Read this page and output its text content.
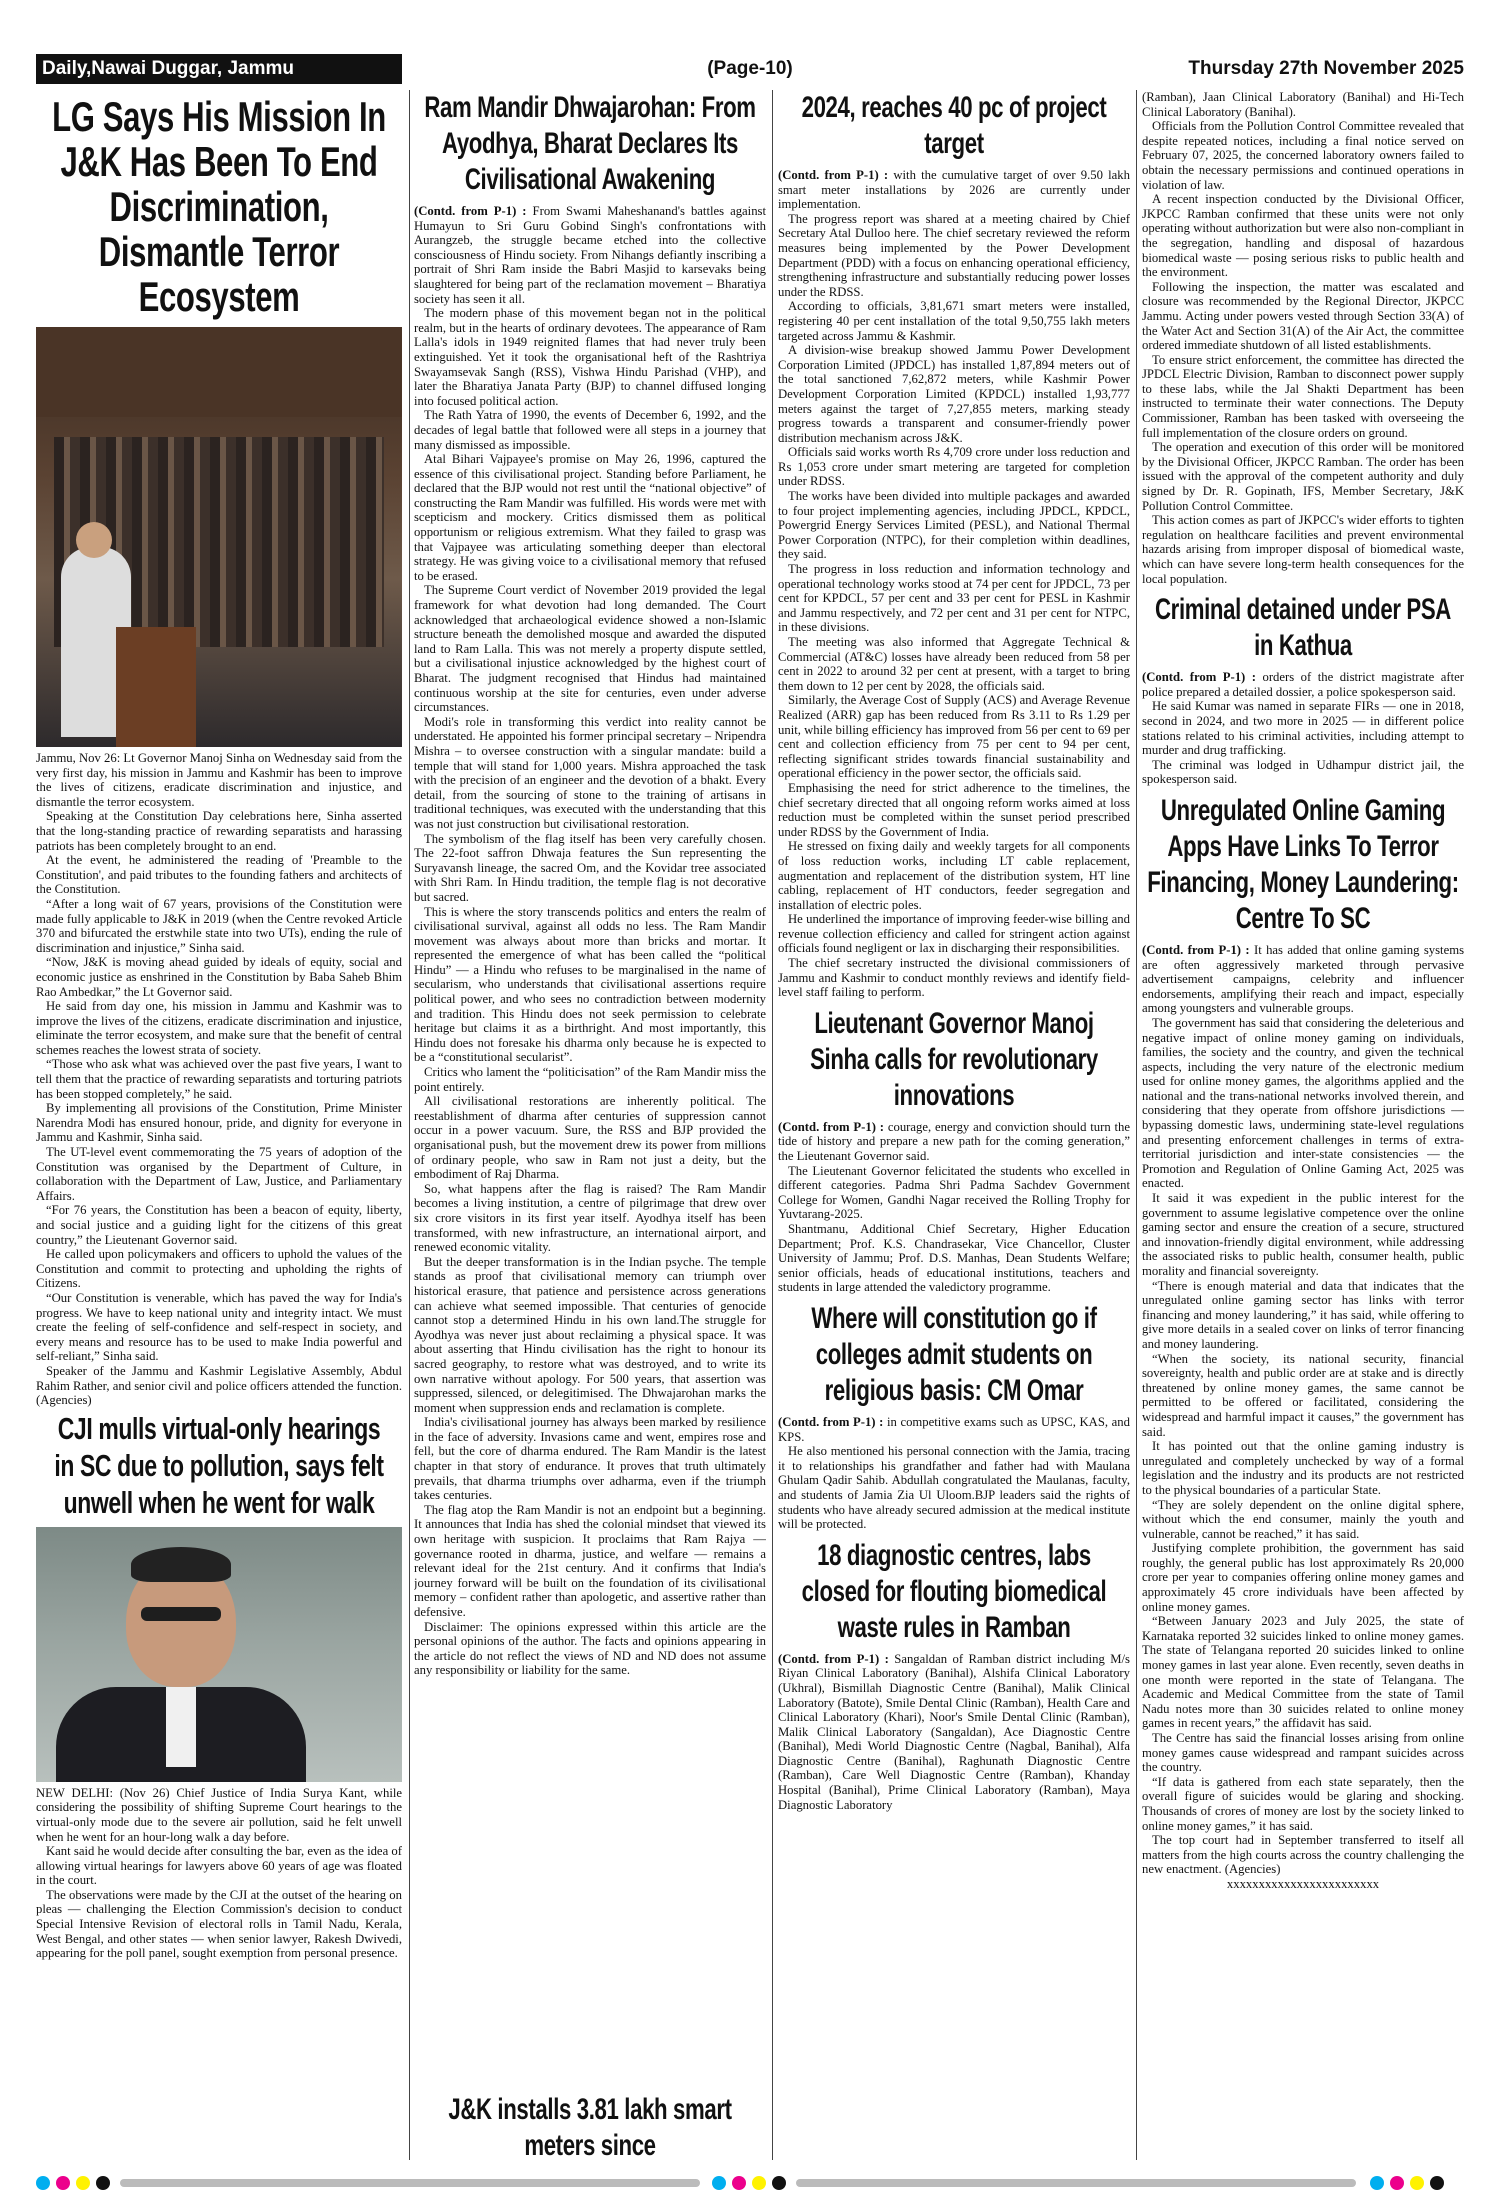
Daily,Nawai Duggar, Jammu	(Page-10)	Thursday 27th November 2025
LG Says His Mission In J&K Has Been To End Discrimination, Dismantle Terror Ecosystem

Jammu, Nov 26: Lt Governor Manoj Sinha on Wednesday said from the very first day, his mission in Jammu and Kashmir has been to improve the lives of citizens, eradicate discrimination and injustice, and dismantle the terror ecosystem.

Speaking at the Constitution Day celebrations here, Sinha asserted that the long-standing practice of rewarding separatists and harassing patriots has been completely brought to an end.

At the event, he administered the reading of 'Preamble to the Constitution', and paid tributes to the founding fathers and architects of the Constitution.

“After a long wait of 67 years, provisions of the Constitution were made fully applicable to J&K in 2019 (when the Centre revoked Article 370 and bifurcated the erstwhile state into two UTs), ending the rule of discrimination and injustice,” Sinha said.

“Now, J&K is moving ahead guided by ideals of equity, social and economic justice as enshrined in the Constitution by Baba Saheb Bhim Rao Ambedkar,” the Lt Governor said.

He said from day one, his mission in Jammu and Kashmir was to improve the lives of the citizens, eradicate discrimination and injustice, eliminate the terror ecosystem, and make sure that the benefit of central schemes reaches the lowest strata of society.

“Those who ask what was achieved over the past five years, I want to tell them that the practice of rewarding separatists and torturing patriots has been stopped completely,” he said.

By implementing all provisions of the Constitution, Prime Minister Narendra Modi has ensured honour, pride, and dignity for everyone in Jammu and Kashmir, Sinha said.

The UT-level event commemorating the 75 years of adoption of the Constitution was organised by the Department of Culture, in collaboration with the Department of Law, Justice, and Parliamentary Affairs.

“For 76 years, the Constitution has been a beacon of equity, liberty, and social justice and a guiding light for the citizens of this great country,” the Lieutenant Governor said.

He called upon policymakers and officers to uphold the values of the Constitution and commit to protecting and upholding the rights of Citizens.

“Our Constitution is venerable, which has paved the way for India's progress. We have to keep national unity and integrity intact. We must create the feeling of self-confidence and self-respect in society, and every means and resource has to be used to make India powerful and self-reliant,” Sinha said.

Speaker of the Jammu and Kashmir Legislative Assembly, Abdul Rahim Rather, and senior civil and police officers attended the function. (Agencies)

CJI mulls virtual-only hearings in SC due to pollution, says felt unwell when he went for walk

NEW DELHI: (Nov 26) Chief Justice of India Surya Kant, while considering the possibility of shifting Supreme Court hearings to the virtual-only mode due to the severe air pollution, said he felt unwell when he went for an hour-long walk a day before.

Kant said he would decide after consulting the bar, even as the idea of allowing virtual hearings for lawyers above 60 years of age was floated in the court.

The observations were made by the CJI at the outset of the hearing on pleas — challenging the Election Commission's decision to conduct Special Intensive Revision of electoral rolls in Tamil Nadu, Kerala, West Bengal, and other states — when senior lawyer, Rakesh Dwivedi, appearing for the poll panel, sought exemption from personal presence.

Ram Mandir Dhwajarohan: From Ayodhya, Bharat Declares Its Civilisational Awakening

(Contd. from P-1) : From Swami Maheshanand's battles against Humayun to Sri Guru Gobind Singh's confrontations with Aurangzeb, the struggle became etched into the collective consciousness of Hindu society. From Nihangs defiantly inscribing a portrait of Shri Ram inside the Babri Masjid to karsevaks being slaughtered for being part of the reclamation movement – Bharatiya society has seen it all.

The modern phase of this movement began not in the political realm, but in the hearts of ordinary devotees. The appearance of Ram Lalla's idols in 1949 reignited flames that had never truly been extinguished. Yet it took the organisational heft of the Rashtriya Swayamsevak Sangh (RSS), Vishwa Hindu Parishad (VHP), and later the Bharatiya Janata Party (BJP) to channel diffused longing into focused political action.

The Rath Yatra of 1990, the events of December 6, 1992, and the decades of legal battle that followed were all steps in a journey that many dismissed as impossible.

Atal Bihari Vajpayee's promise on May 26, 1996, captured the essence of this civilisational project. Standing before Parliament, he declared that the BJP would not rest until the “national objective” of constructing the Ram Mandir was fulfilled. His words were met with scepticism and mockery. Critics dismissed them as political opportunism or religious extremism. What they failed to grasp was that Vajpayee was articulating something deeper than electoral strategy. He was giving voice to a civilisational memory that refused to be erased.

The Supreme Court verdict of November 2019 provided the legal framework for what devotion had long demanded. The Court acknowledged that archaeological evidence showed a non-Islamic structure beneath the demolished mosque and awarded the disputed land to Ram Lalla. This was not merely a property dispute settled, but a civilisational injustice acknowledged by the highest court of Bharat. The judgment recognised that Hindus had maintained continuous worship at the site for centuries, even under adverse circumstances.

Modi's role in transforming this verdict into reality cannot be understated. He appointed his former principal secretary – Nripendra Mishra – to oversee construction with a singular mandate: build a temple that will stand for 1,000 years. Mishra approached the task with the precision of an engineer and the devotion of a bhakt. Every detail, from the sourcing of stone to the training of artisans in traditional techniques, was executed with the understanding that this was not just construction but civilisational restoration.

The symbolism of the flag itself has been very carefully chosen. The 22-foot saffron Dhwaja features the Sun representing the Suryavansh lineage, the sacred Om, and the Kovidar tree associated with Shri Ram. In Hindu tradition, the temple flag is not decorative but sacred.

This is where the story transcends politics and enters the realm of civilisational survival, against all odds no less. The Ram Mandir movement was always about more than bricks and mortar. It represented the emergence of what has been called the “political Hindu” — a Hindu who refuses to be marginalised in the name of secularism, who understands that civilisational assertions require political power, and who sees no contradiction between modernity and tradition. This Hindu does not seek permission to celebrate heritage but claims it as a birthright. And most importantly, this Hindu does not foresake his dharma only because he is expected to be a “constitutional secularist”.

Critics who lament the “politicisation” of the Ram Mandir miss the point entirely.

All civilisational restorations are inherently political. The reestablishment of dharma after centuries of suppression cannot occur in a power vacuum. Sure, the RSS and BJP provided the organisational push, but the movement drew its power from millions of ordinary people, who saw in Ram not just a deity, but the embodiment of Raj Dharma.

So, what happens after the flag is raised? The Ram Mandir becomes a living institution, a centre of pilgrimage that drew over six crore visitors in its first year itself. Ayodhya itself has been transformed, with new infrastructure, an international airport, and renewed economic vitality.

But the deeper transformation is in the Indian psyche. The temple stands as proof that civilisational memory can triumph over historical erasure, that patience and persistence across generations can achieve what seemed impossible. That centuries of genocide cannot stop a determined Hindu in his own land.The struggle for Ayodhya was never just about reclaiming a physical space. It was about asserting that Hindu civilisation has the right to honour its sacred geography, to restore what was destroyed, and to write its own narrative without apology. For 500 years, that assertion was suppressed, silenced, or delegitimised. The Dhwajarohan marks the moment when suppression ends and reclamation is complete.

India's civilisational journey has always been marked by resilience in the face of adversity. Invasions came and went, empires rose and fell, but the core of dharma endured. The Ram Mandir is the latest chapter in that story of endurance. It proves that truth ultimately prevails, that dharma triumphs over adharma, even if the triumph takes centuries.

The flag atop the Ram Mandir is not an endpoint but a beginning. It announces that India has shed the colonial mindset that viewed its own heritage with suspicion. It proclaims that Ram Rajya —governance rooted in dharma, justice, and welfare — remains a relevant ideal for the 21st century. And it confirms that India's journey forward will be built on the foundation of its civilisational memory – confident rather than apologetic, and assertive rather than defensive.

Disclaimer: The opinions expressed within this article are the personal opinions of the author. The facts and opinions appearing in the article do not reflect the views of ND and ND does not assume any responsibility or liability for the same.

J&K installs 3.81 lakh smart meters since
2024, reaches 40 pc of project target

(Contd. from P-1) : with the cumulative target of over 9.50 lakh smart meter installations by 2026 are currently under implementation.

The progress report was shared at a meeting chaired by Chief Secretary Atal Dulloo here. The chief secretary reviewed the reform measures being implemented by the Power Development Department (PDD) with a focus on enhancing operational efficiency, strengthening infrastructure and substantially reducing power losses under the RDSS.

According to officials, 3,81,671 smart meters were installed, registering 40 per cent installation of the total 9,50,755 lakh meters targeted across Jammu & Kashmir.

A division-wise breakup showed Jammu Power Development Corporation Limited (JPDCL) has installed 1,87,894 meters out of the total sanctioned 7,62,872 meters, while Kashmir Power Development Corporation Limited (KPDCL) installed 1,93,777 meters against the target of 7,27,855 meters, marking steady progress towards a transparent and consumer-friendly power distribution mechanism across J&K.

Officials said works worth Rs 4,709 crore under loss reduction and Rs 1,053 crore under smart metering are targeted for completion under RDSS.

The works have been divided into multiple packages and awarded to four project implementing agencies, including JPDCL, KPDCL, Powergrid Energy Services Limited (PESL), and National Thermal Power Corporation (NTPC), for their completion within deadlines, they said.

The progress in loss reduction and information technology and operational technology works stood at 74 per cent for JPDCL, 73 per cent for KPDCL, 57 per cent and 33 per cent for PESL in Kashmir and Jammu respectively, and 72 per cent and 31 per cent for NTPC, in these divisions.

The meeting was also informed that Aggregate Technical & Commercial (AT&C) losses have already been reduced from 58 per cent in 2022 to around 32 per cent at present, with a target to bring them down to 12 per cent by 2028, the officials said.

Similarly, the Average Cost of Supply (ACS) and Average Revenue Realized (ARR) gap has been reduced from Rs 3.11 to Rs 1.29 per unit, while billing efficiency has improved from 56 per cent to 69 per cent and collection efficiency from 75 per cent to 94 per cent, reflecting significant strides towards financial sustainability and operational efficiency in the power sector, the officials said.

Emphasising the need for strict adherence to the timelines, the chief secretary directed that all ongoing reform works aimed at loss reduction must be completed within the sunset period prescribed under RDSS by the Government of India.

He stressed on fixing daily and weekly targets for all components of loss reduction works, including LT cable replacement, augmentation and replacement of the distribution system, HT line cabling, replacement of HT conductors, feeder segregation and installation of electric poles.

He underlined the importance of improving feeder-wise billing and revenue collection efficiency and called for stringent action against officials found negligent or lax in discharging their responsibilities.

The chief secretary instructed the divisional commissioners of Jammu and Kashmir to conduct monthly reviews and identify field-level staff failing to perform.

Lieutenant Governor Manoj Sinha calls for revolutionary innovations

(Contd. from P-1) : courage, energy and conviction should turn the tide of history and prepare a new path for the coming generation,” the Lieutenant Governor said.

The Lieutenant Governor felicitated the students who excelled in different categories. Padma Shri Padma Sachdev Government College for Women, Gandhi Nagar received the Rolling Trophy for Yuvtarang-2025.

Shantmanu, Additional Chief Secretary, Higher Education Department; Prof. K.S. Chandrasekar, Vice Chancellor, Cluster University of Jammu; Prof. D.S. Manhas, Dean Students Welfare; senior officials, heads of educational institutions, teachers and students in large attended the valedictory programme.

Where will constitution go if colleges admit students on religious basis: CM Omar

(Contd. from P-1) : in competitive exams such as UPSC, KAS, and KPS.

He also mentioned his personal connection with the Jamia, tracing it to relationships his grandfather and father had with Maulana Ghulam Qadir Sahib. Abdullah congratulated the Maulanas, faculty, and students of Jamia Zia Ul Uloom.BJP leaders said the rights of students who have already secured admission at the medical institute will be protected.

18 diagnostic centres, labs closed for flouting biomedical waste rules in Ramban

(Contd. from P-1) : Sangaldan of Ramban district including M/s Riyan Clinical Laboratory (Banihal), Alshifa Clinical Laboratory (Ukhral), Bismillah Diagnostic Centre (Banihal), Malik Clinical Laboratory (Batote), Smile Dental Clinic (Ramban), Health Care and Clinical Laboratory (Khari), Noor's Smile Dental Clinic (Ramban), Malik Clinical Laboratory (Sangaldan), Ace Diagnostic Centre (Banihal), Medi World Diagnostic Centre (Nagbal, Banihal), Alfa Diagnostic Centre (Banihal), Raghunath Diagnostic Centre (Ramban), Care Well Diagnostic Centre (Ramban), Khanday Hospital (Banihal), Prime Clinical Laboratory (Ramban), Maya Diagnostic Laboratory

(Ramban), Jaan Clinical Laboratory (Banihal) and Hi-Tech Clinical Laboratory (Banihal).

Officials from the Pollution Control Committee revealed that despite repeated notices, including a final notice served on February 07, 2025, the concerned laboratory owners failed to obtain the necessary permissions and continued operations in violation of law.

A recent inspection conducted by the Divisional Officer, JKPCC Ramban confirmed that these units were not only operating without authorization but were also non-compliant in the segregation, handling and disposal of hazardous biomedical waste — posing serious risks to public health and the environment.

Following the inspection, the matter was escalated and closure was recommended by the Regional Director, JKPCC Jammu. Acting under powers vested through Section 33(A) of the Water Act and Section 31(A) of the Air Act, the committee ordered immediate shutdown of all listed establishments.

To ensure strict enforcement, the committee has directed the JPDCL Electric Division, Ramban to disconnect power supply to these labs, while the Jal Shakti Department has been instructed to terminate their water connections. The Deputy Commissioner, Ramban has been tasked with overseeing the full implementation of the closure orders on ground.

The operation and execution of this order will be monitored by the Divisional Officer, JKPCC Ramban. The order has been issued with the approval of the competent authority and duly signed by Dr. R. Gopinath, IFS, Member Secretary, J&K Pollution Control Committee.

This action comes as part of JKPCC's wider efforts to tighten regulation on healthcare facilities and prevent environmental hazards arising from improper disposal of biomedical waste, which can have severe long-term health consequences for the local population.

Criminal detained under PSA in Kathua

(Contd. from P-1) : orders of the district magistrate after police prepared a detailed dossier, a police spokesperson said.

He said Kumar was named in separate FIRs — one in 2018, second in 2024, and two more in 2025 — in different police stations related to his criminal activities, including attempt to murder and drug trafficking.

The criminal was lodged in Udhampur district jail, the spokesperson said.

Unregulated Online Gaming Apps Have Links To Terror Financing, Money Laundering: Centre To SC

(Contd. from P-1) : It has added that online gaming systems are often aggressively marketed through pervasive advertisement campaigns, celebrity and influencer endorsements, amplifying their reach and impact, especially among youngsters and vulnerable groups.

The government has said that considering the deleterious and negative impact of online money gaming on individuals, families, the society and the country, and given the technical aspects, including the very nature of the electronic medium used for online money games, the algorithms applied and the national and the trans-national networks involved therein, and considering that they operate from offshore jurisdictions — bypassing domestic laws, undermining state-level regulations and presenting enforcement challenges in terms of extra-territorial jurisdiction and inter-state consistencies — the Promotion and Regulation of Online Gaming Act, 2025 was enacted.

It said it was expedient in the public interest for the government to assume legislative competence over the online gaming sector and ensure the creation of a secure, structured and innovation-friendly digital environment, while addressing the associated risks to public health, consumer health, public morality and financial sovereignty.

“There is enough material and data that indicates that the unregulated online gaming sector has links with terror financing and money laundering,” it has said, while offering to give more details in a sealed cover on links of terror financing and money laundering.

“When the society, its national security, financial sovereignty, health and public order are at stake and is directly threatened by online money games, the same cannot be permitted to be offered or facilitated, considering the widespread and harmful impact it causes,” the government has said.

It has pointed out that the online gaming industry is unregulated and completely unchecked by way of a formal legislation and the industry and its products are not restricted to the physical boundaries of a particular State.

“They are solely dependent on the online digital sphere, without which the end consumer, mainly the youth and vulnerable, cannot be reached,” it has said.

Justifying complete prohibition, the government has said roughly, the general public has lost approximately Rs 20,000 crore per year to companies offering online money games and approximately 45 crore individuals have been affected by online money games.

“Between January 2023 and July 2025, the state of Karnataka reported 32 suicides linked to online money games. The state of Telangana reported 20 suicides linked to online money games in last year alone. Even recently, seven deaths in one month were reported in the state of Telangana. The Academic and Medical Committee from the state of Tamil Nadu notes more than 30 suicides related to online money games in recent years,” the affidavit has said.

The Centre has said the financial losses arising from online money games cause widespread and rampant suicides across the country.

“If data is gathered from each state separately, then the overall figure of suicides would be glaring and shocking. Thousands of crores of money are lost by the society linked to online money games,” it has said.

The top court had in September transferred to itself all matters from the high courts across the country challenging the new enactment. (Agencies)

xxxxxxxxxxxxxxxxxxxxxxxx
